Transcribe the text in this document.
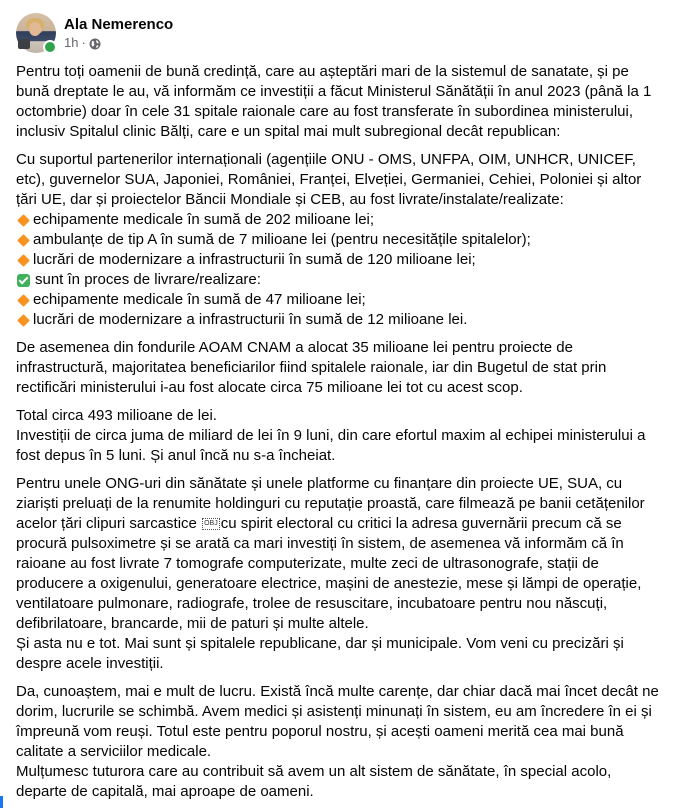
Ala Nemerenco
1h ·

Pentru toți oamenii de bună credință, care au așteptări mari de la sistemul de sanatate, și pe bună dreptate le au, vă informăm ce investiții a făcut Ministerul Sănătății în anul 2023 (până la 1 octombrie) doar în cele 31 spitale raionale care au fost transferate în subordinea ministerului, inclusiv Spitalul clinic Bălți, care e un spital mai mult subregional decât republican:

Cu suportul partenerilor internaționali (agențiile ONU - OMS, UNFPA, OIM, UNHCR, UNICEF, etc), guvernelor SUA, Japoniei, României, Franței, Elveției, Germaniei, Cehiei, Poloniei și altor țări UE, dar și proiectelor Băncii Mondiale și CEB, au fost livrate/instalate/realizate:
echipamente medicale în sumă de 202 milioane lei;
ambulanțe de tip A în sumă de 7 milioane lei (pentru necesitățile spitalelor);
lucrări de modernizare a infrastructurii în sumă de 120 milioane lei;
sunt în proces de livrare/realizare:
echipamente medicale în sumă de 47 milioane lei;
lucrări de modernizare a infrastructurii în sumă de 12 milioane lei.

De asemenea din fondurile AOAM CNAM a alocat 35 milioane lei pentru proiecte de infrastructură, majoritatea beneficiarilor fiind spitalele raionale, iar din Bugetul de stat prin rectificări ministerului i-au fost alocate circa 75 milioane lei tot cu acest scop.

Total circa 493 milioane de lei.
Investiții de circa juma de miliard de lei în 9 luni, din care efortul maxim al echipei ministerului a fost depus în 5 luni. Și anul încă nu s-a încheiat.

Pentru unele ONG-uri din sănătate și unele platforme cu finanțare din proiecte UE, SUA, cu ziariști preluați de la renumite holdinguri cu reputație proastă, care filmează pe banii cetățenilor acelor țări clipuri sarcastice OBJ cu spirit electoral cu critici la adresa guvernării precum că se procură pulsoximetre și se arată ca mari investiți în sistem, de asemenea vă informăm că în raioane au fost livrate 7 tomografe computerizate, multe zeci de ultrasonografe, stații de producere a oxigenului, generatoare electrice, mașini de anestezie, mese și lămpi de operație, ventilatoare pulmonare, radiografe, trolee de resuscitare, incubatoare pentru nou născuți, defibrilatoare, brancarde, mii de paturi și multe altele.
Și asta nu e tot. Mai sunt și spitalele republicane, dar și municipale. Vom veni cu precizări și despre acele investiții.

Da, cunoaștem, mai e mult de lucru. Există încă multe carențe, dar chiar dacă mai încet decât ne dorim, lucrurile se schimbă. Avem medici și asistenți minunați în sistem, eu am încredere în ei și împreună vom reuși. Totul este pentru poporul nostru, și acești oameni merită cea mai bună calitate a serviciilor medicale.
Mulțumesc tuturora care au contribuit să avem un alt sistem de sănătate, în special acolo, departe de capitală, mai aproape de oameni.
